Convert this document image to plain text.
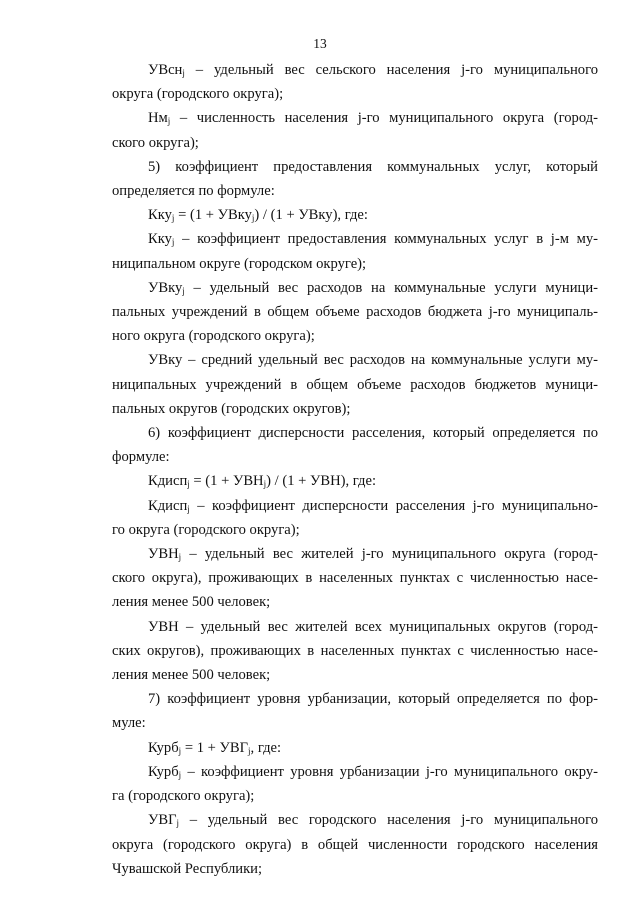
13

УВсн$_j$ – удельный вес сельского населения j-го муниципального

округа (городского округа);

$Нм_j$ – численность населения j-го муниципального округа (город-

ского округа);

5) коэффициент предоставления коммунальных услуг, который

определяется по формуле:

Кку$_j$ = (1 + УВку$_j$) / (1 + УВку), где:

Кку$_j$ – коэффициент предоставления коммунальных услуг в j-м му-

ниципальном округе (городском округе);

УВку$_j$ – удельный вес расходов на коммунальные услуги муници-

пальных учреждений в общем объеме расходов бюджета j-го муниципаль-

ного округа (городского округа);

УВку – средний удельный вес расходов на коммунальные услуги му-

ниципальных учреждений в общем объеме расходов бюджетов муници-

пальных округов (городских округов);

6) коэффициент дисперсности расселения, который определяется по

формуле:

Кдисп$_j$ = $(1 + УВН_j) / (1 + УВН)$, где:

Кдисп$_j$ – коэффициент дисперсности расселения j-го муниципально-

го округа (городского округа);

$УВН_j$ – удельный вес жителей j-го муниципального округа (город-

ского округа), проживающих в населенных пунктах с численностью насе-

ления менее 500 человек;

УВН – удельный вес жителей всех муниципальных округов (город-

ских округов), проживающих в населенных пунктах с численностью насе-

ления менее 500 человек;

7) коэффициент уровня урбанизации, который определяется по фор-

муле:

Курб$_j$ = $1 + УВГ_j$, где:

Курб$_j$ – коэффициент уровня урбанизации j-го муниципального окру-

га (городского округа);

$УВГ_j$ – удельный вес городского населения j-го муниципального

округа (городского округа) в общей численности городского населения

Чувашской Республики;
